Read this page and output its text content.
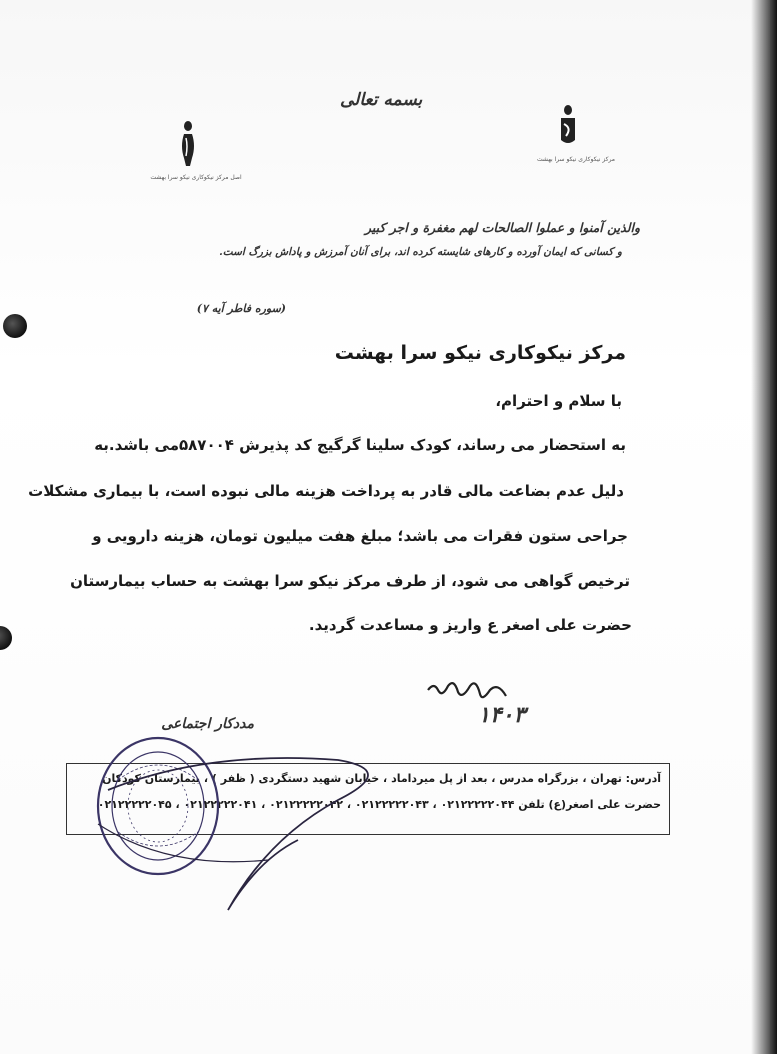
بسمه تعالی
اصل مرکز نیکوکاری نیکو سرا بهشت
مرکز نیکوکاری نیکو سرا بهشت
والذین آمنوا و عملوا الصالحات لهم مغفرة و اجر کبیر
و کسانی که ایمان آورده و کارهای شایسته کرده اند، برای آنان آمرزش و پاداش بزرگ است.
(سوره فاطر آیه ۷)
مرکز نیکوکاری نیکو سرا بهشت
با سلام و احترام،
به استحضار می رساند، کودک سلینا گرگیج کد پذیرش ۵۸۷۰۰۴می باشد.به
دلیل عدم بضاعت مالی قادر به پرداخت هزینه مالی نبوده است، با بیماری مشکلات
جراحی ستون فقرات می باشد؛ مبلغ هفت میلیون تومان، هزینه دارویی و
ترخیص گواهی می شود، از طرف مرکز نیکو سرا بهشت به حساب بیمارستان
حضرت علی اصغر ع واریز و مساعدت گردید.
۱۴۰۳
مددکار اجتماعی
آدرس: تهران ، بزرگراه مدرس ، بعد از پل میرداماد ، خیابان شهید دستگردی ( ظفر ) ، بیمارستان کودکان
حضرت علی اصغر(ع) تلفن ۰۲۱۲۲۲۲۲۰۴۴ ، ۰۲۱۲۲۲۲۲۰۴۳ ، ۰۲۱۲۲۲۲۲۰۴۲ ، ۰۲۱۲۲۲۲۲۰۴۱ ، ۰۲۱۲۲۲۲۲۰۴۵
